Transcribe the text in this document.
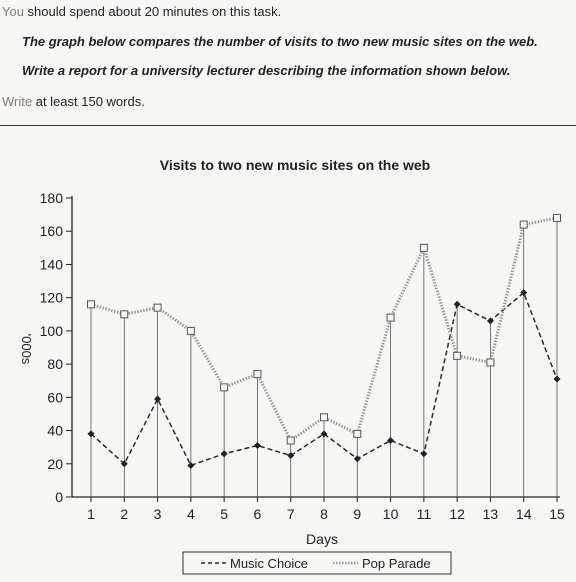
You should spend about 20 minutes on this task.
The graph below compares the number of visits to two new music sites on the web.
Write a report for a university lecturer describing the information shown below.
Write at least 150 words.
Visits to two new music sites on the web
'000s
Days
0
20
40
60
80
100
120
140
160
180
1 2 3 4 5 6 7 8 9 10 11 12 13 14 15
Music Choice	Pop Parade
